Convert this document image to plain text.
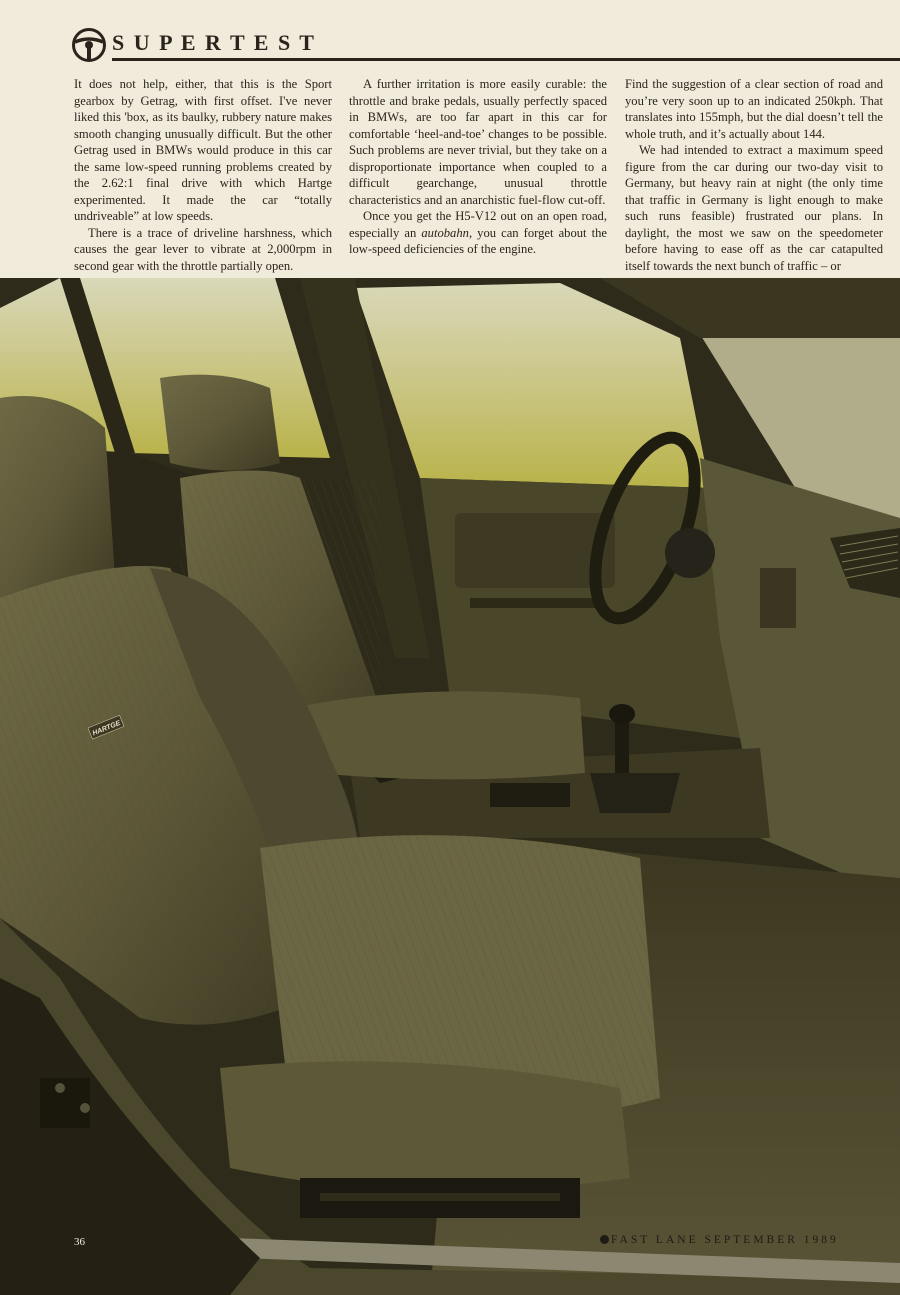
S U P E R T E S T

It does not help, either, that this is the Sport gearbox by Getrag, with first offset. I've never liked this 'box, as its baulky, rubbery nature makes smooth changing unusually difficult. But the other Getrag used in BMWs would produce in this car the same low-speed running problems created by the 2.62:1 final drive with which Hartge experimented. It made the car “totally undriveable” at low speeds.

There is a trace of driveline harshness, which causes the gear lever to vibrate at 2,000rpm in second gear with the throttle partially open.

A further irritation is more easily curable: the throttle and brake pedals, usually perfectly spaced in BMWs, are too far apart in this car for comfortable ‘heel-and-toe’ changes to be possible. Such problems are never trivial, but they take on a disproportionate importance when coupled to a difficult gearchange, unusual throttle characteristics and an anarchistic fuel-flow cut-off.

Once you get the H5-V12 out on an open road, especially an autobahn, you can forget about the low-speed deficiencies of the engine.

Find the suggestion of a clear section of road and you’re very soon up to an indicated 250kph. That translates into 155mph, but the dial doesn’t tell the whole truth, and it’s actually about 144.

We had intended to extract a maximum speed figure from the car during our two-day visit to Germany, but heavy rain at night (the only time that traffic in Germany is light enough to make such runs feasible) frustrated our plans. In daylight, the most we saw on the speedometer before having to ease off as the car catapulted itself towards the next bunch of traffic – or

HARTGE
36	FAST LANE SEPTEMBER 1989
